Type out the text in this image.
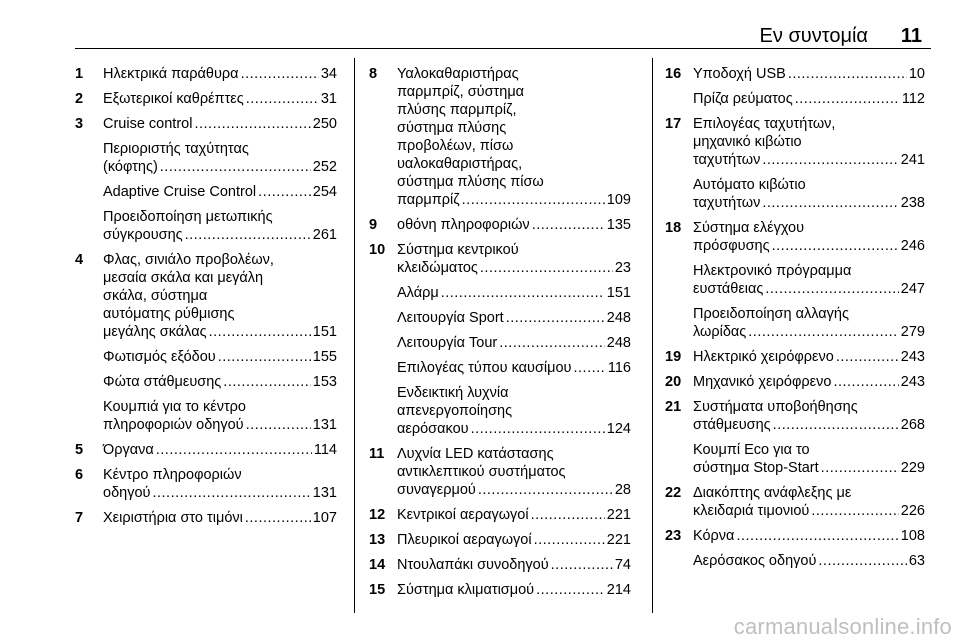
Εν συντομία 11
1	Ηλεκτρικά παράθυρα .....	34
2	Εξωτερικοί καθρέπτες .....	31
3	Cruise control .....	250
Περιοριστής ταχύτητας
(κόφτης) .....	252
Adaptive Cruise Control .....	254
Προειδοποίηση μετωπικής
σύγκρουσης .....	261
4	Φλας, σινιάλο προβολέων,
μεσαία σκάλα και μεγάλη
σκάλα, σύστημα
αυτόματης ρύθμισης
μεγάλης σκάλας .....	151
Φωτισμός εξόδου .....	155
Φώτα στάθμευσης .....	153
Κουμπιά για το κέντρο
πληροφοριών οδηγού .....	131
5	Όργανα .....	114
6	Κέντρο πληροφοριών
οδηγού .....	131
7	Χειριστήρια στο τιμόνι .....	107
8	Υαλοκαθαριστήρας
παρμπρίζ, σύστημα
πλύσης παρμπρίζ,
σύστημα πλύσης
προβολέων, πίσω
υαλοκαθαριστήρας,
σύστημα πλύσης πίσω
παρμπρίζ .....	109
9	οθόνη πληροφοριών .....	135
10 Σύστημα κεντρικού
κλειδώματος .....	23
Αλάρμ .....	151
Λειτουργία Sport .....	248
Λειτουργία Tour .....	248
Επιλογέας τύπου καυσίμου .....	116
Ενδεικτική λυχνία
απενεργοποίησης
αερόσακου .....	124
11 Λυχνία LED κατάστασης
αντικλεπτικού συστήματος
συναγερμού .....	28
12 Κεντρικοί αεραγωγοί .....	221
13 Πλευρικοί αεραγωγοί .....	221
14 Ντουλαπάκι συνοδηγού .....	74
15 Σύστημα κλιματισμού .....	214
16 Υποδοχή USB .....	10
Πρίζα ρεύματος .....	112
17 Επιλογέας ταχυτήτων,
μηχανικό κιβώτιο
ταχυτήτων .....	241
Αυτόματο κιβώτιο
ταχυτήτων .....	238
18 Σύστημα ελέγχου
πρόσφυσης .....	246
Ηλεκτρονικό πρόγραμμα
ευστάθειας .....	247
Προειδοποίηση αλλαγής
λωρίδας .....	279
19 Ηλεκτρικό χειρόφρενο .....	243
20 Μηχανικό χειρόφρενο .....	243
21 Συστήματα υποβοήθησης
στάθμευσης .....	268
Κουμπί Eco για το
σύστημα Stop-Start .....	229
22 Διακόπτης ανάφλεξης με
κλειδαριά τιμονιού .....	226
23 Κόρνα .....	108
Αερόσακος οδηγού .....	63
carmanualsonline.info
